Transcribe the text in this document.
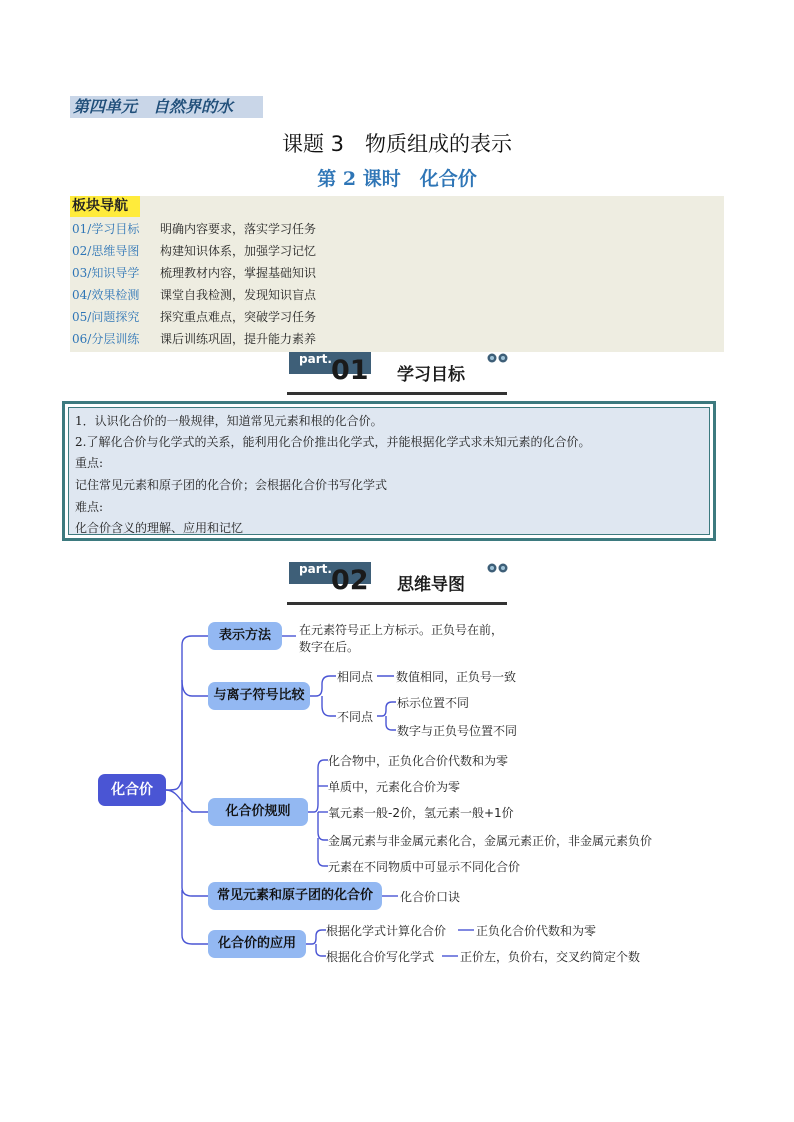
第四单元　自然界的水
课题 3　物质组成的表示
第 2 课时　化合价
板块导航
01/学习目标 明确内容要求，落实学习任务
02/思维导图 构建知识体系，加强学习记忆
03/知识导学 梳理教材内容，掌握基础知识
04/效果检测 课堂自我检测，发现知识盲点
05/问题探究 探究重点难点，突破学习任务
06/分层训练 课后训练巩固，提升能力素养
part. 01 学习目标
1．认识化合价的一般规律，知道常见元素和根的化合价。
2.了解化合价与化学式的关系，能利用化合价推出化学式，并能根据化学式求未知元素的化合价。
重点:
记住常见元素和原子团的化合价；会根据化合价书写化学式
难点:
化合价含义的理解、应用和记忆
part. 02 思维导图
化合价
表示方法	在元素符号正上方标示。正负号在前，
数字在后。
与离子符号比较
相同点 数值相同，正负号一致
不同点
标示位置不同
数字与正负号位置不同
化合价规则
化合物中，正负化合价代数和为零
单质中，元素化合价为零
氧元素一般-2价，氢元素一般+1价
金属元素与非金属元素化合，金属元素正价，非金属元素负价
元素在不同物质中可显示不同化合价
常见元素和原子团的化合价	化合价口诀
化合价的应用
根据化学式计算化合价 正负化合价代数和为零
根据化合价写化学式 正价左，负价右，交叉约简定个数
